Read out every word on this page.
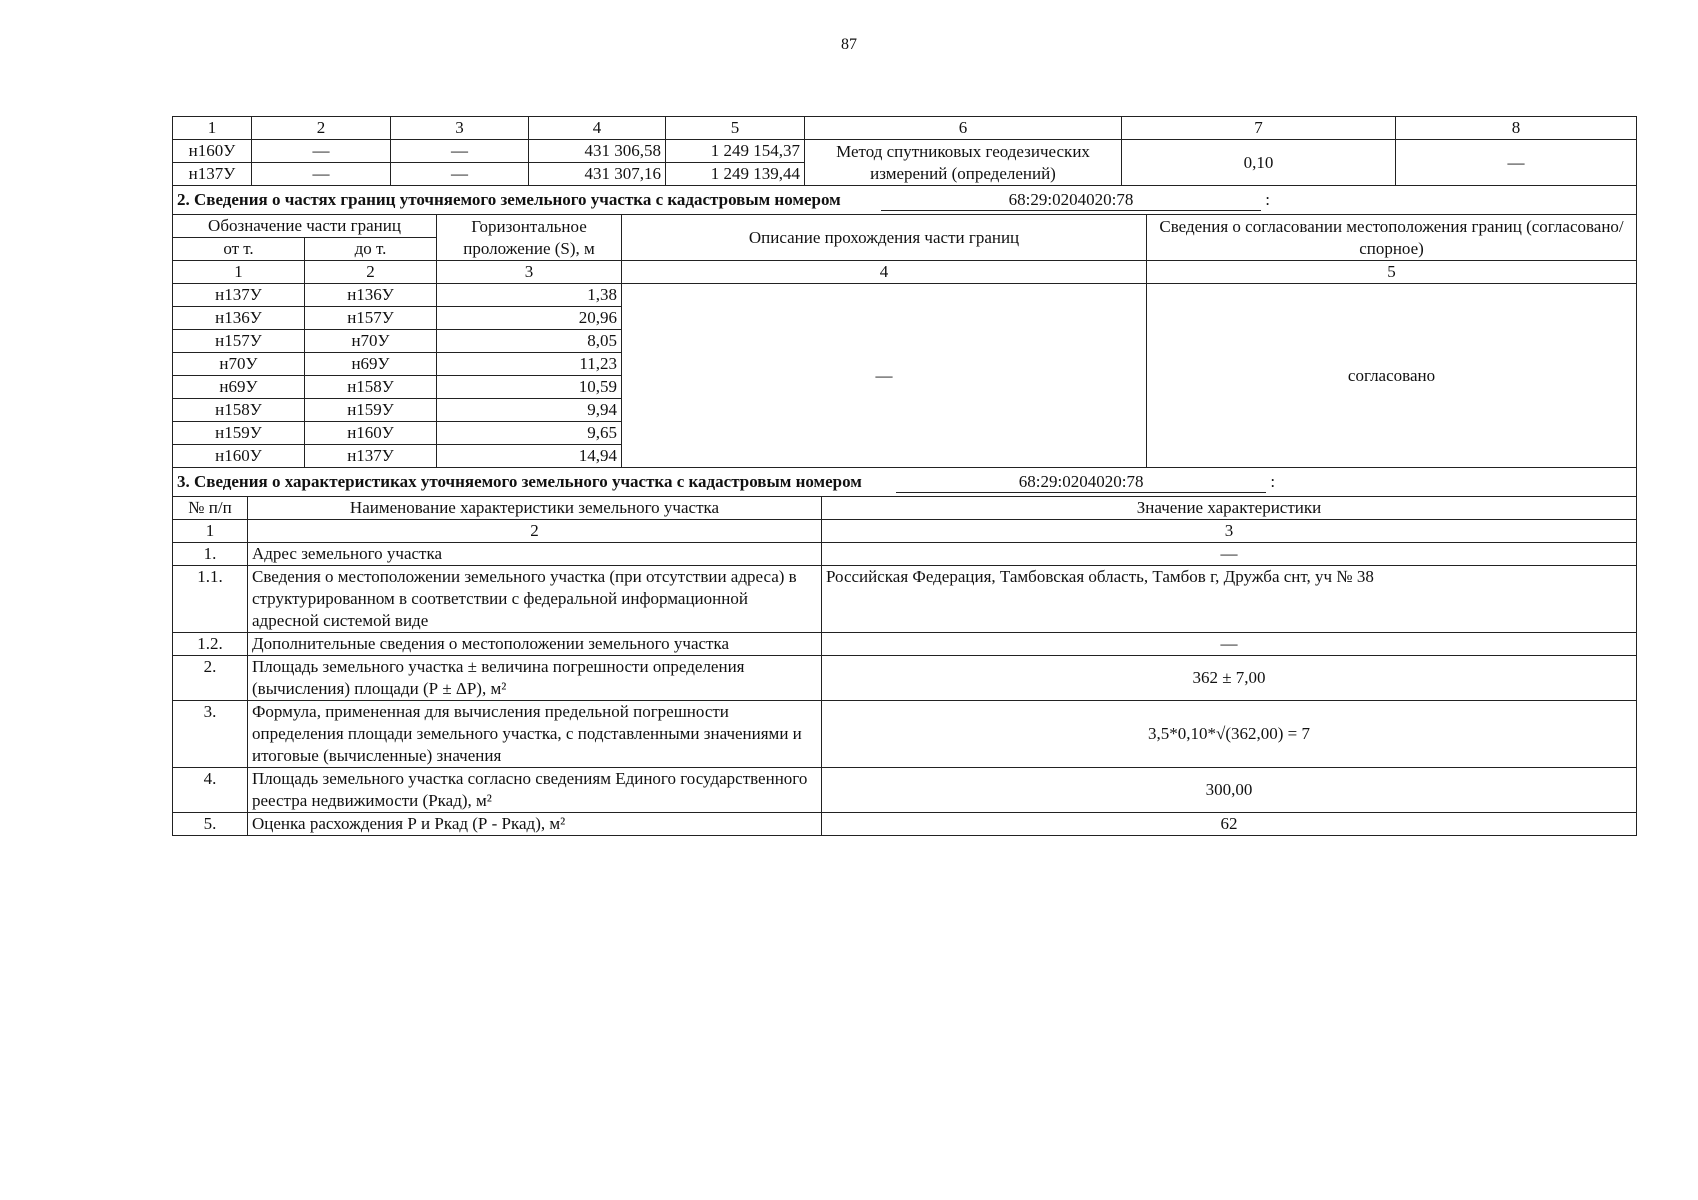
87
1	2	3	4	5	6	7	8
н160У	—	—	431 306,58	1 249 154,37	Метод спутниковых геодезических измерений (определений)	0,10	—
н137У	—	—	431 307,16	1 249 139,44			
2. Сведения о частях границ уточняемого земельного участка с кадастровым номером 68:29:0204020:78 :							
Обозначение части границ		Горизонтальное проложение (S), м	Описание прохождения части границ	Сведения о согласовании местоположения границ (согласовано/спорное)
от т.	до т.			
1	2	3	4	5
н137У	н136У	1,38	—	согласовано
н136У	н157У	20,96		
н157У	н70У	8,05		
н70У	н69У	11,23		
н69У	н158У	10,59		
н158У	н159У	9,94		
н159У	н160У	9,65		
н160У	н137У	14,94		
3. Сведения о характеристиках уточняемого земельного участка с кадастровым номером 68:29:0204020:78 :				
№ п/п	Наименование характеристики земельного участка	Значение характеристики
1	2	3
1.	Адрес земельного участка	—
1.1.	Сведения о местоположении земельного участка (при отсутствии адреса) в структурированном в соответствии с федеральной информационной адресной системой виде	Российская Федерация, Тамбовская область, Тамбов г, Дружба снт, уч № 38
1.2.	Дополнительные сведения о местоположении земельного участка	—
2.	Площадь земельного участка ± величина погрешности определения (вычисления) площади (Р ± ΔР), м²	362 ± 7,00
3.	Формула, примененная для вычисления предельной погрешности определения площади земельного участка, с подставленными значениями и итоговые (вычисленные) значения	3,5*0,10*√(362,00) = 7
4.	Площадь земельного участка согласно сведениям Единого государственного реестра недвижимости (Ркад), м²	300,00
5.	Оценка расхождения Р и Ркад (Р - Ркад), м²	62
